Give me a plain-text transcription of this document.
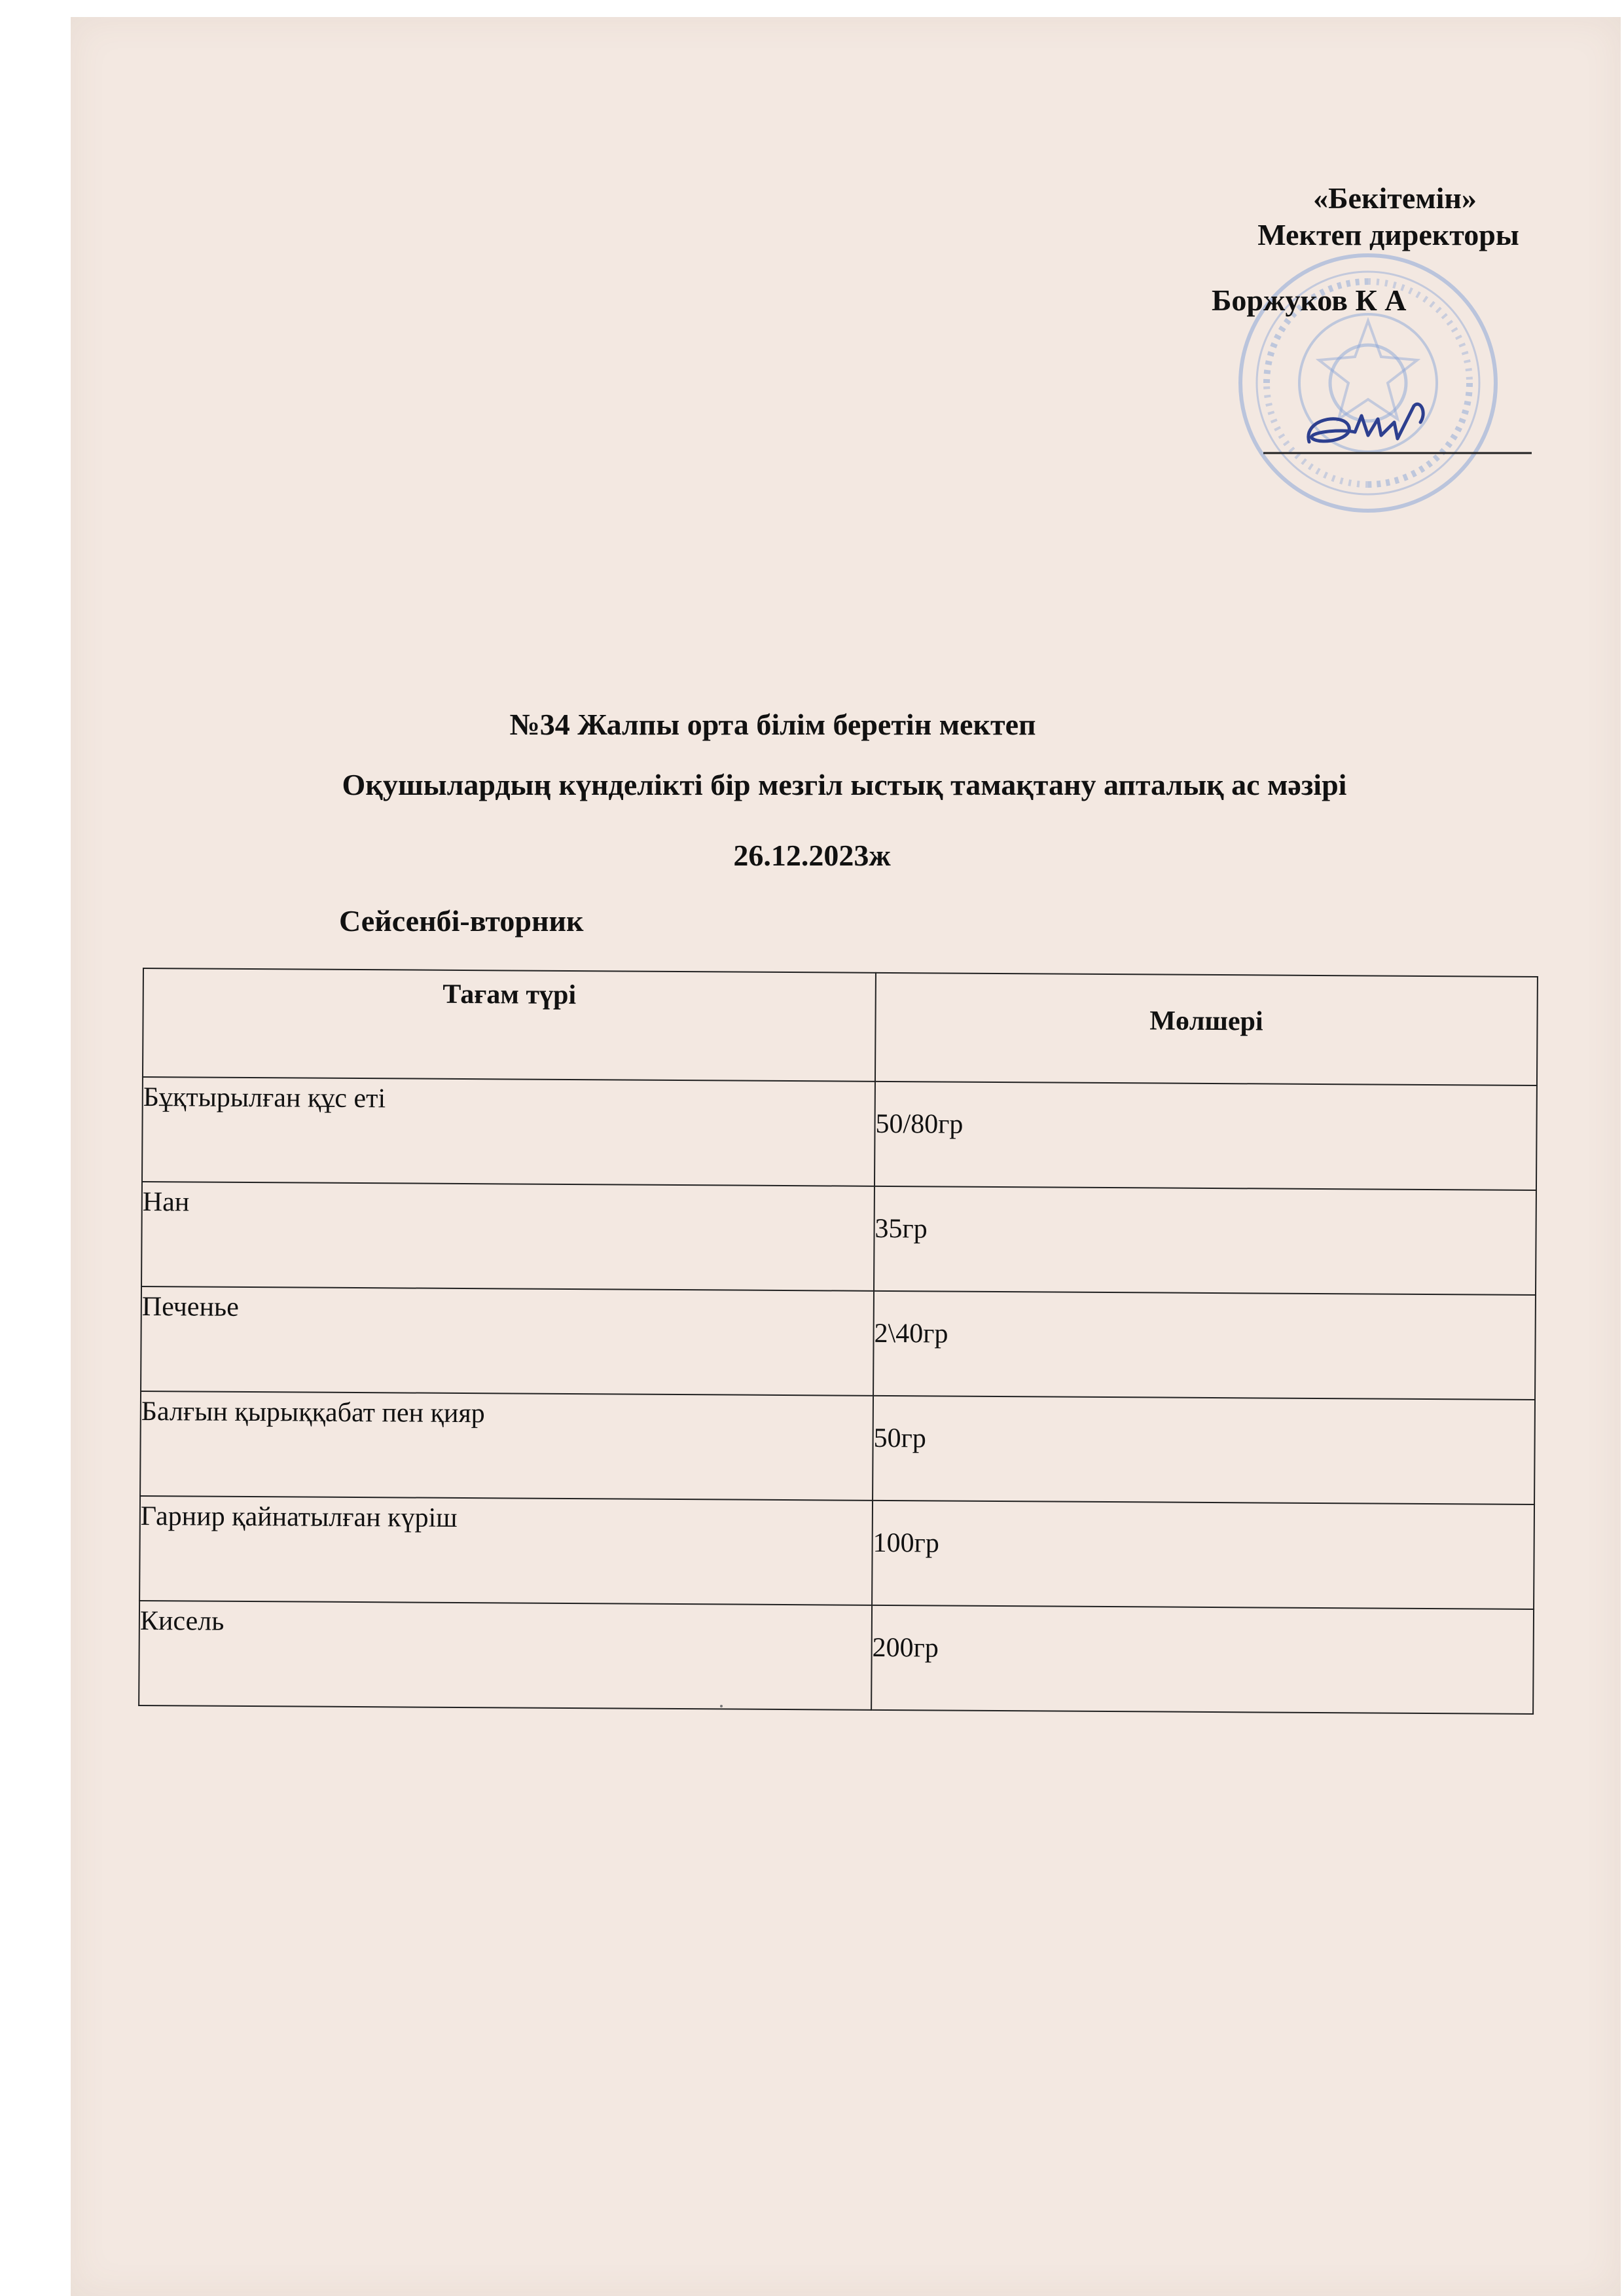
«Бекітемін»
Мектеп директоры
Боржуков К А
№34 Жалпы орта білім беретін мектеп
Оқушылардың күнделікті бір мезгіл ыстық тамақтану апталық ас мәзірі
26.12.2023ж
Сейсенбі-вторник
Тағам түрі	Мөлшері
Бұқтырылған құс еті	50/80гр
Нан	35гр
Печенье	2\40гр
Балғын қырыққабат пен қияр	50гр
Гарнир қайнатылған күріш	100гр
Кисель	200гр
